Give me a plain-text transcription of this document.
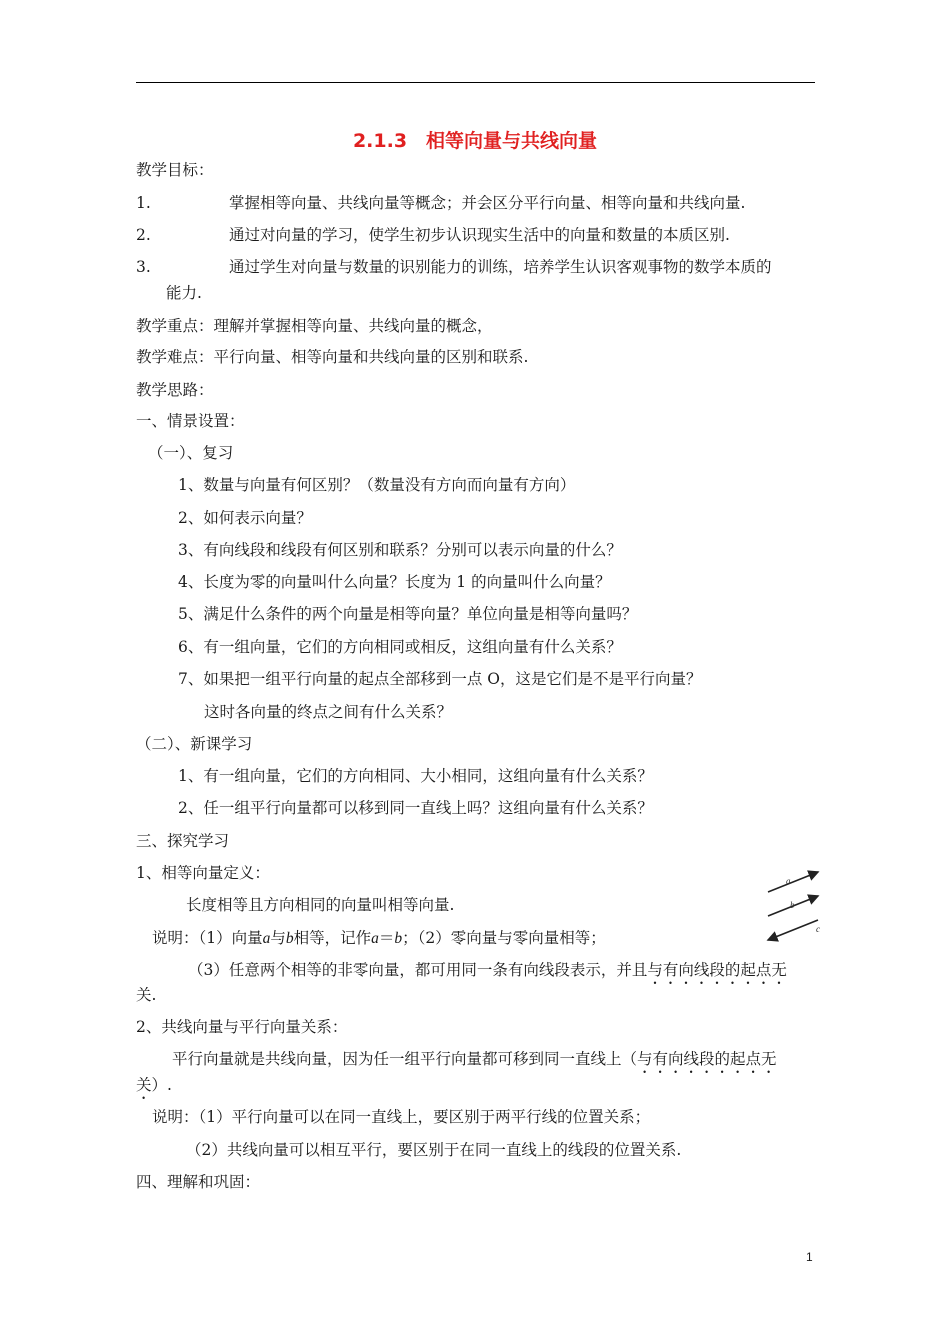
2.1.3　相等向量与共线向量
教学目标：
1.	掌握相等向量、共线向量等概念；并会区分平行向量、相等向量和共线向量.
2.	通过对向量的学习，使学生初步认识现实生活中的向量和数量的本质区别.
3.	通过学生对向量与数量的识别能力的训练，培养学生认识客观事物的数学本质的
能力.
教学重点：理解并掌握相等向量、共线向量的概念，
教学难点：平行向量、相等向量和共线向量的区别和联系.
教学思路：
一、情景设置：
（一）、复习
1、数量与向量有何区别？（数量没有方向而向量有方向）
2、如何表示向量？
3、有向线段和线段有何区别和联系？分别可以表示向量的什么？
4、长度为零的向量叫什么向量？长度为 1 的向量叫什么向量？
5、满足什么条件的两个向量是相等向量？单位向量是相等向量吗？
6、有一组向量，它们的方向相同或相反，这组向量有什么关系？
7、如果把一组平行向量的起点全部移到一点 O，这是它们是不是平行向量？
这时各向量的终点之间有什么关系？
（二）、新课学习
1、有一组向量，它们的方向相同、大小相同，这组向量有什么关系？
2、任一组平行向量都可以移到同一直线上吗？这组向量有什么关系？
三、探究学习
1、相等向量定义：
长度相等且方向相同的向量叫相等向量.
说明：（1）向量a与b相等，记作a＝b；（2）零向量与零向量相等；
（3）任意两个相等的非零向量，都可用同一条有向线段表示，并且与有向线段的起点无
关.
2、共线向量与平行向量关系：
平行向量就是共线向量，因为任一组平行向量都可移到同一直线上（与有向线段的起点无
关）.
说明：（1）平行向量可以在同一直线上，要区别于两平行线的位置关系；
（2）共线向量可以相互平行，要区别于在同一直线上的线段的位置关系.
四、理解和巩固：
a
b
c
1
